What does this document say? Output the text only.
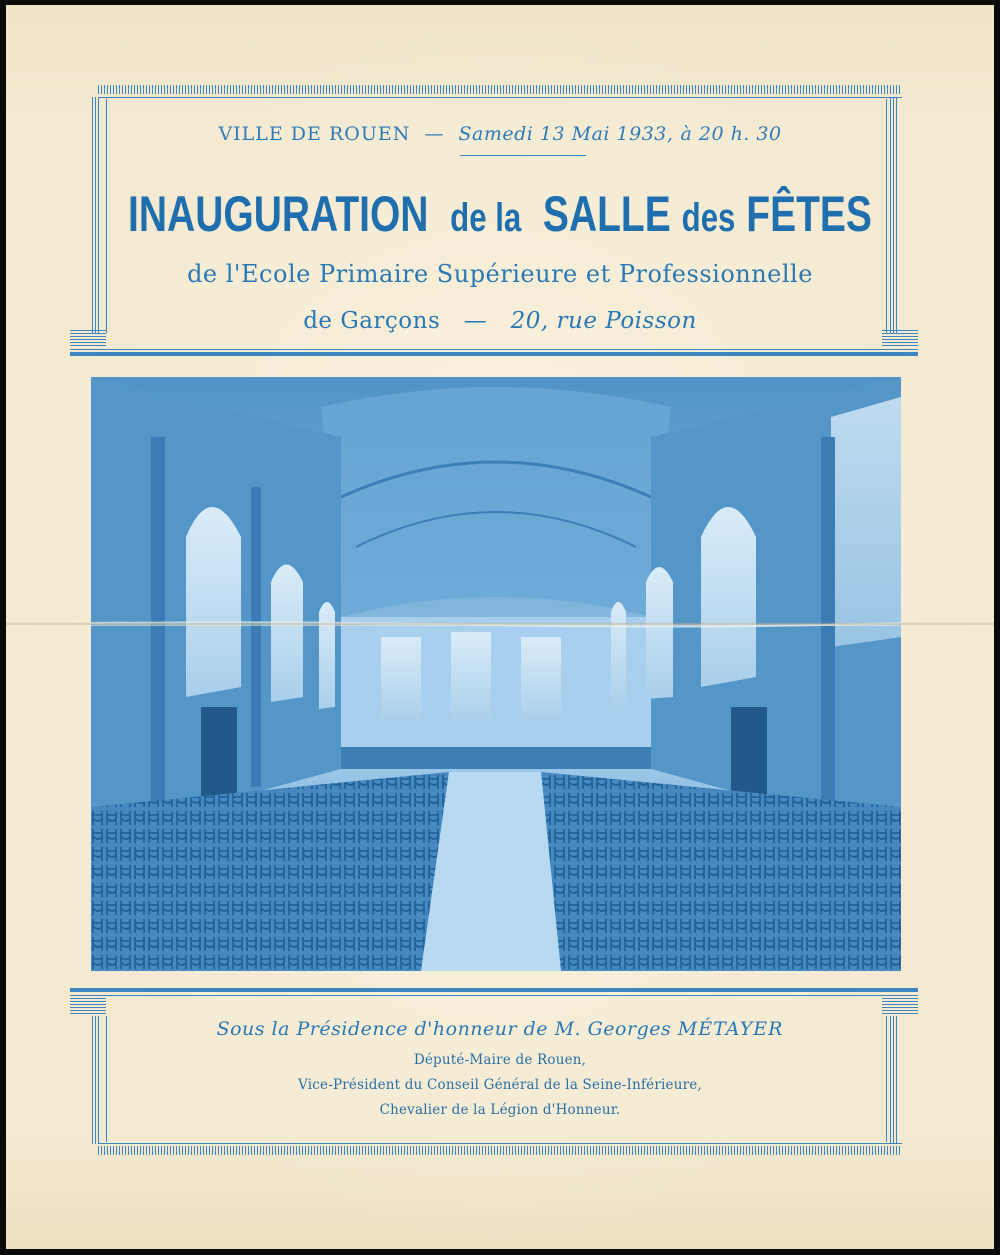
VILLE DE ROUEN — Samedi 13 Mai 1933, à 20 h. 30
INAUGURATION de la SALLE des FÊTES
de l'Ecole Primaire Supérieure et Professionnelle
de Garçons — 20, rue Poisson
Sous la Présidence d'honneur de M. Georges MÉTAYER
Député-Maire de Rouen,
Vice-Président du Conseil Général de la Seine-Inférieure,
Chevalier de la Légion d'Honneur.
